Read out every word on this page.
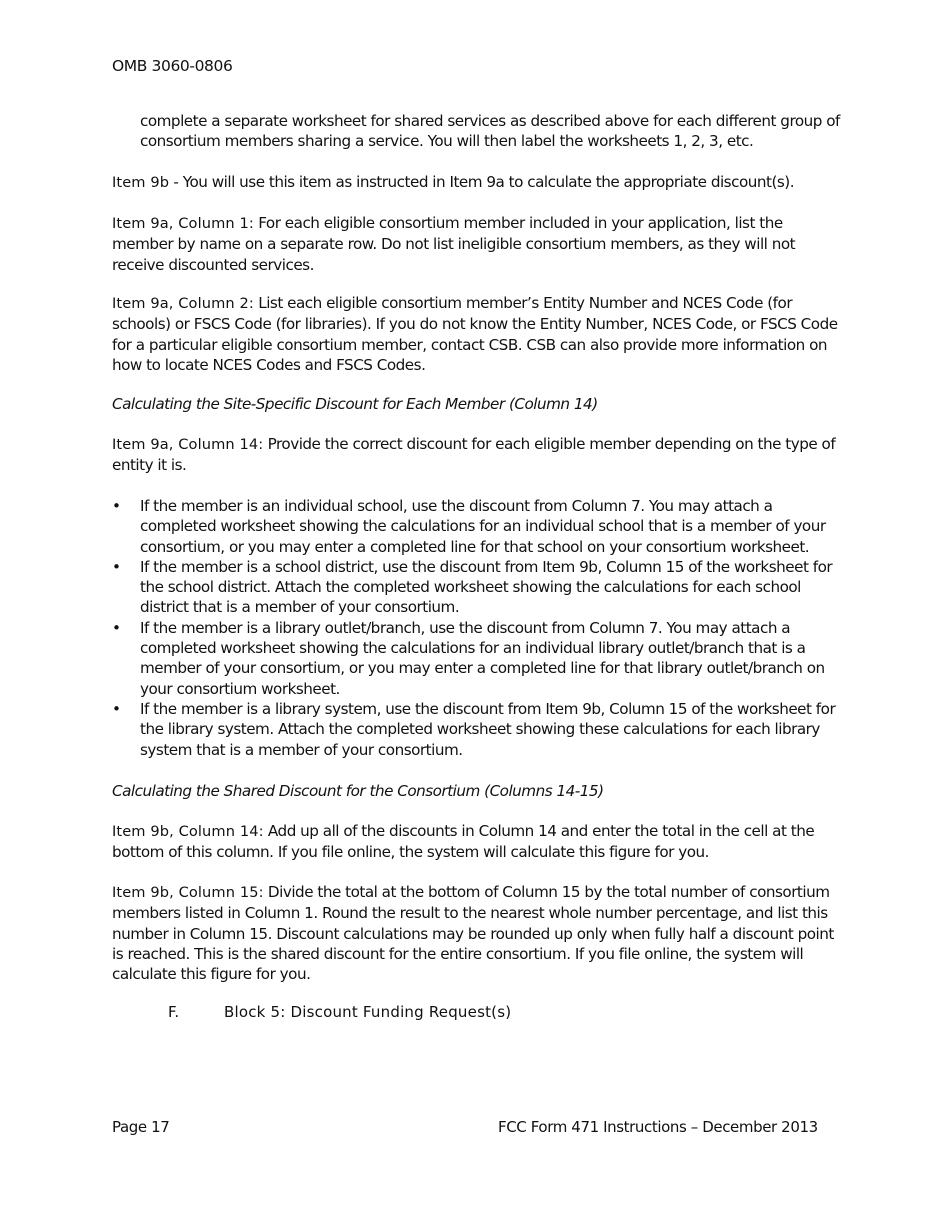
OMB 3060-0806

complete a separate worksheet for shared services as described above for each different group of consortium members sharing a service. You will then label the worksheets 1, 2, 3, etc.

Item 9b - You will use this item as instructed in Item 9a to calculate the appropriate discount(s).

Item 9a, Column 1: For each eligible consortium member included in your application, list the member by name on a separate row. Do not list ineligible consortium members, as they will not receive discounted services.

Item 9a, Column 2: List each eligible consortium member’s Entity Number and NCES Code (for schools) or FSCS Code (for libraries). If you do not know the Entity Number, NCES Code, or FSCS Code for a particular eligible consortium member, contact CSB. CSB can also provide more information on how to locate NCES Codes and FSCS Codes.

Calculating the Site-Specific Discount for Each Member (Column 14)

Item 9a, Column 14: Provide the correct discount for each eligible member depending on the type of entity it is.

• If the member is an individual school, use the discount from Column 7. You may attach a completed worksheet showing the calculations for an individual school that is a member of your consortium, or you may enter a completed line for that school on your consortium worksheet.
• If the member is a school district, use the discount from Item 9b, Column 15 of the worksheet for the school district. Attach the completed worksheet showing the calculations for each school district that is a member of your consortium.
• If the member is a library outlet/branch, use the discount from Column 7. You may attach a completed worksheet showing the calculations for an individual library outlet/branch that is a member of your consortium, or you may enter a completed line for that library outlet/branch on your consortium worksheet.
• If the member is a library system, use the discount from Item 9b, Column 15 of the worksheet for the library system. Attach the completed worksheet showing these calculations for each library system that is a member of your consortium.

Calculating the Shared Discount for the Consortium (Columns 14-15)

Item 9b, Column 14: Add up all of the discounts in Column 14 and enter the total in the cell at the bottom of this column. If you file online, the system will calculate this figure for you.

Item 9b, Column 15: Divide the total at the bottom of Column 15 by the total number of consortium members listed in Column 1. Round the result to the nearest whole number percentage, and list this number in Column 15. Discount calculations may be rounded up only when fully half a discount point is reached. This is the shared discount for the entire consortium. If you file online, the system will calculate this figure for you.

F.	Block 5: Discount Funding Request(s)
Page 17	FCC Form 471 Instructions – December 2013
